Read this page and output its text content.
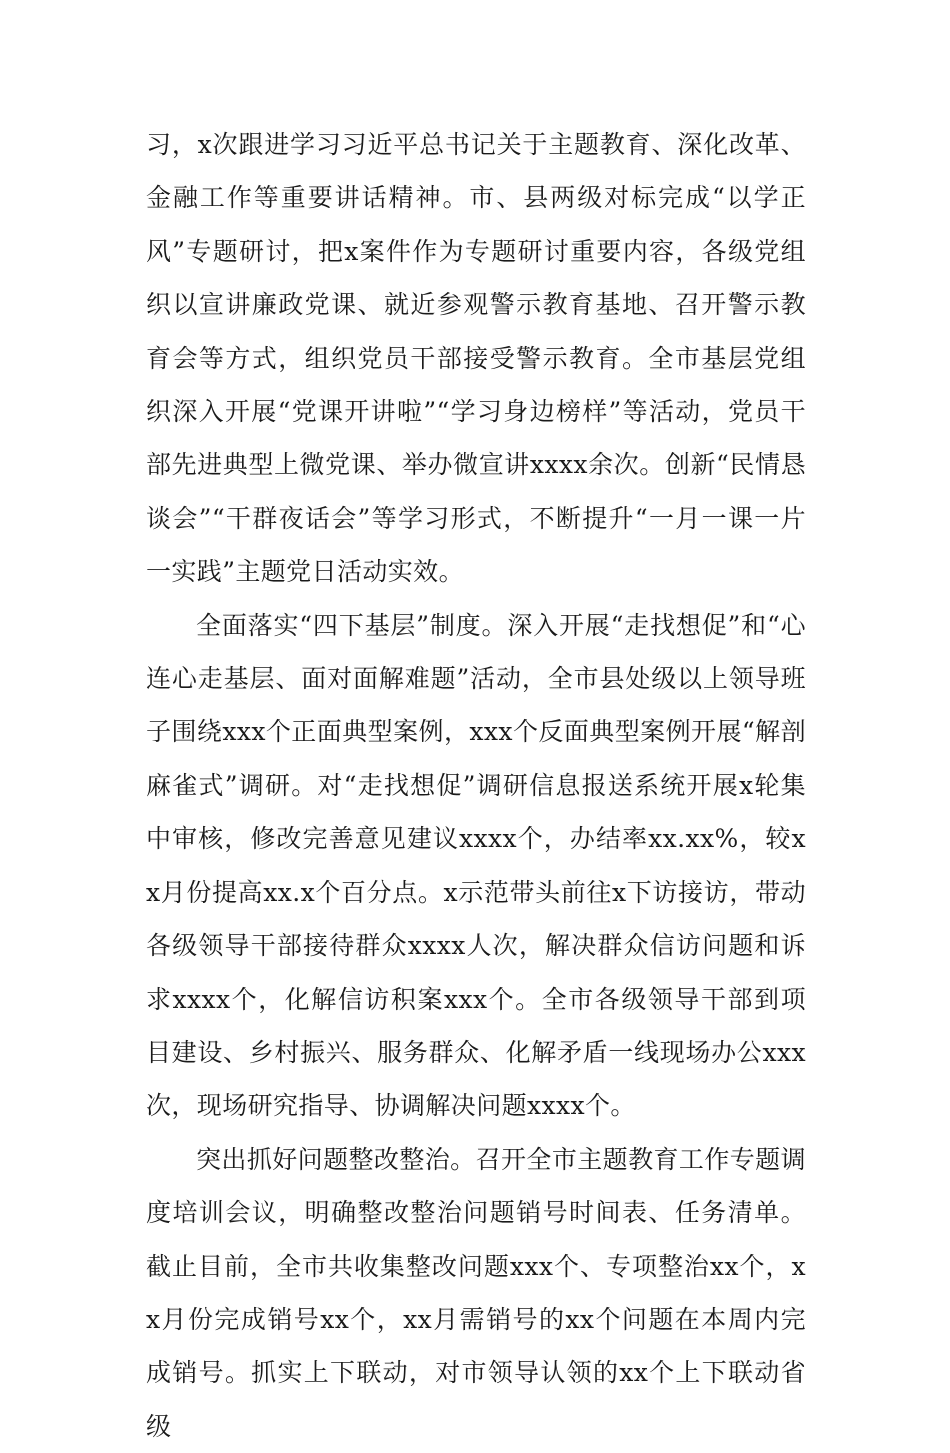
习，x次跟进学习习近平总书记关于主题教育、深化改革、金融工作等重要讲话精神。市、县两级对标完成“以学正风”专题研讨，把x案件作为专题研讨重要内容，各级党组织以宣讲廉政党课、就近参观警示教育基地、召开警示教育会等方式，组织党员干部接受警示教育。全市基层党组织深入开展“党课开讲啦”“学习身边榜样”等活动，党员干部先进典型上微党课、举办微宣讲xxxx余次。创新“民情恳谈会”“干群夜话会”等学习形式，不断提升“一月一课一片一实践”主题党日活动实效。

全面落实“四下基层”制度。深入开展“走找想促”和“心连心走基层、面对面解难题”活动，全市县处级以上领导班子围绕xxx个正面典型案例，xxx个反面典型案例开展“解剖麻雀式”调研。对“走找想促”调研信息报送系统开展x轮集中审核，修改完善意见建议xxxx个，办结率xx.xx%，较xx月份提高xx.x个百分点。x示范带头前往x下访接访，带动各级领导干部接待群众xxxx人次，解决群众信访问题和诉求xxxx个，化解信访积案xxx个。全市各级领导干部到项目建设、乡村振兴、服务群众、化解矛盾一线现场办公xxx次，现场研究指导、协调解决问题xxxx个。

突出抓好问题整改整治。召开全市主题教育工作专题调度培训会议，明确整改整治问题销号时间表、任务清单。截止目前，全市共收集整改问题xxx个、专项整治xx个，xx月份完成销号xx个，xx月需销号的xx个问题在本周内完成销号。抓实上下联动，对市领导认领的xx个上下联动省级
